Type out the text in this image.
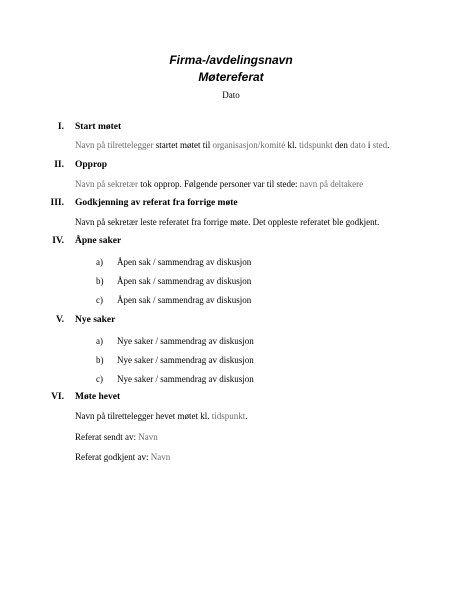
Firma-/avdelingsnavn
Møtereferat
Dato
I. Start møtet
Navn på tilrettelegger startet møtet til organisasjon/komité kl. tidspunkt den dato i sted.
II. Opprop
Navn på sekretær tok opprop. Følgende personer var til stede: navn på deltakere
III. Godkjenning av referat fra forrige møte
Navn på sekretær leste referatet fra forrige møte. Det oppleste referatet ble godkjent.
IV. Åpne saker
a) Åpen sak / sammendrag av diskusjon
b) Åpen sak / sammendrag av diskusjon
c) Åpen sak / sammendrag av diskusjon
V. Nye saker
a) Nye saker / sammendrag av diskusjon
b) Nye saker / sammendrag av diskusjon
c) Nye saker / sammendrag av diskusjon
VI. Møte hevet
Navn på tilrettelegger hevet møtet kl. tidspunkt.
Referat sendt av: Navn
Referat godkjent av: Navn
